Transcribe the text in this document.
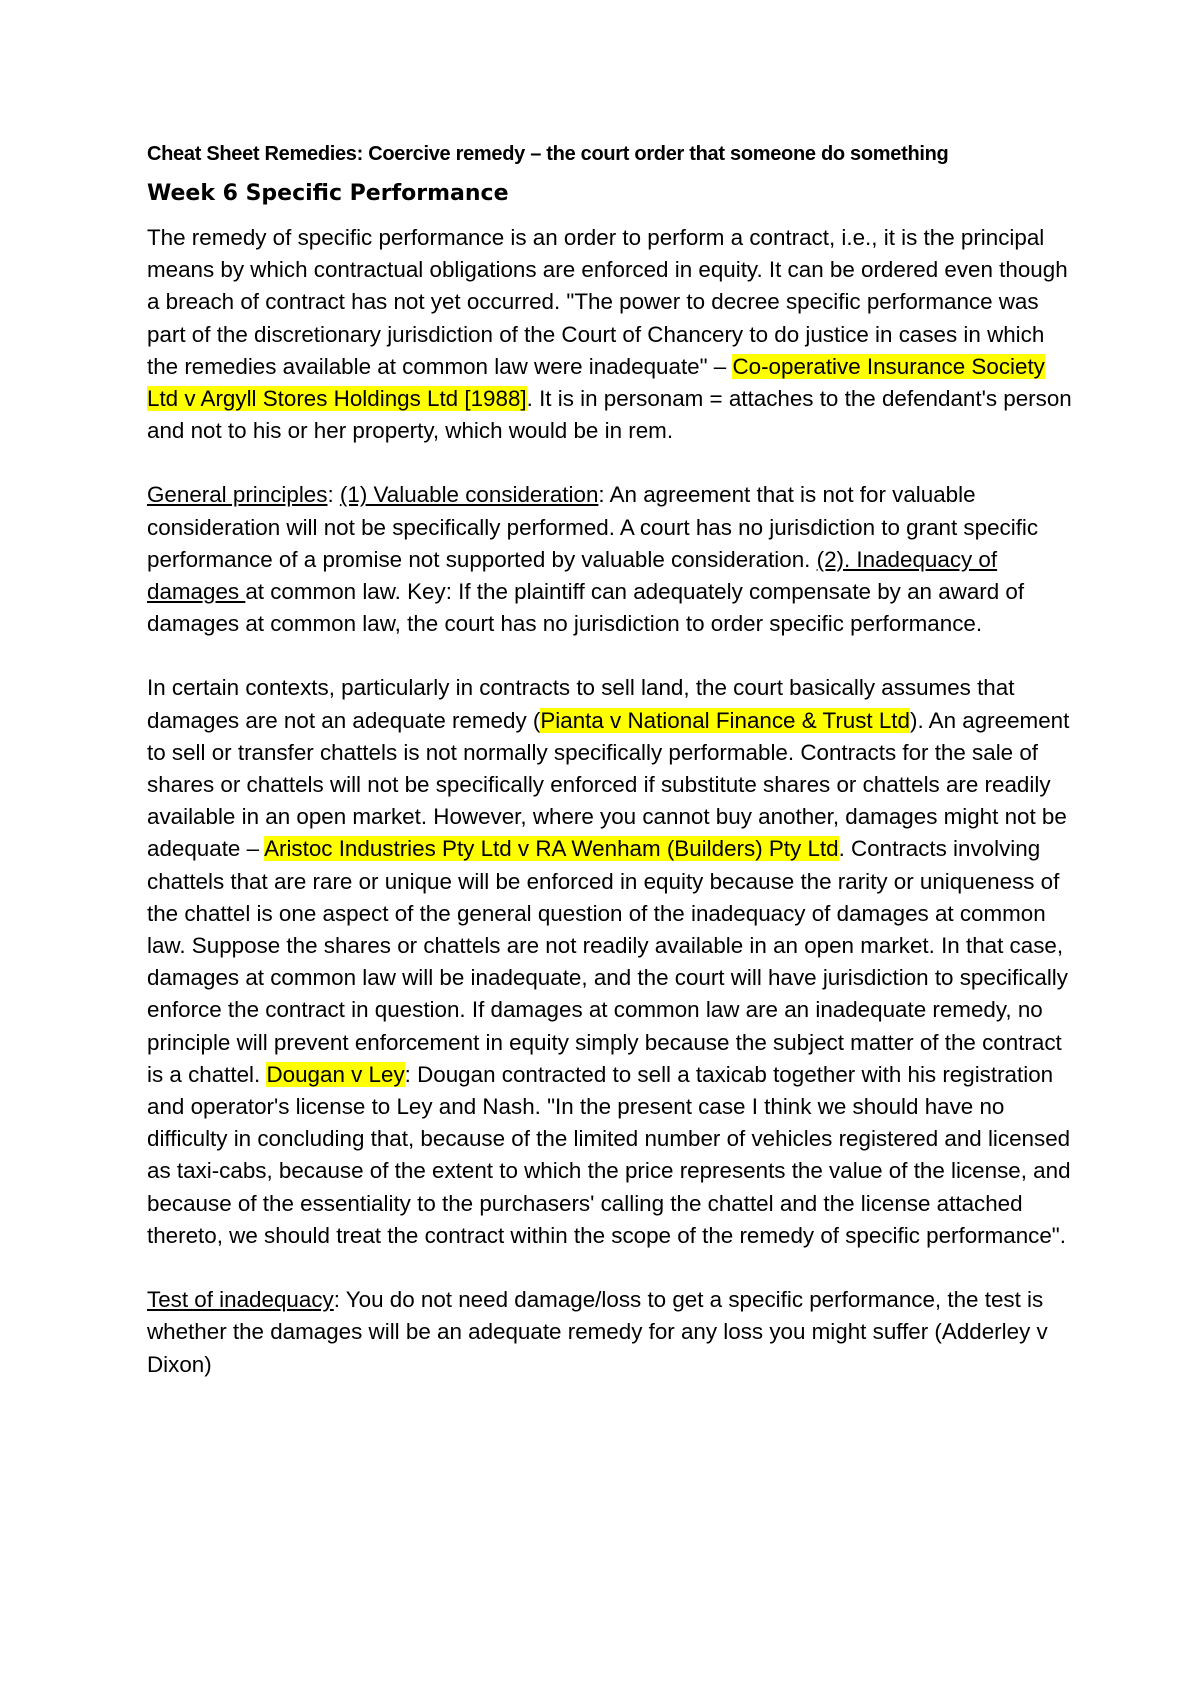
Cheat Sheet Remedies: Coercive remedy – the court order that someone do something
Week 6 Specific Performance

The remedy of specific performance is an order to perform a contract, i.e., it is the principal means by which contractual obligations are enforced in equity. It can be ordered even though a breach of contract has not yet occurred. "The power to decree specific performance was part of the discretionary jurisdiction of the Court of Chancery to do justice in cases in which the remedies available at common law were inadequate" – Co-operative Insurance Society Ltd v Argyll Stores Holdings Ltd [1988]. It is in personam = attaches to the defendant's person and not to his or her property, which would be in rem.

General principles: (1) Valuable consideration: An agreement that is not for valuable consideration will not be specifically performed. A court has no jurisdiction to grant specific performance of a promise not supported by valuable consideration. (2). Inadequacy of damages at common law. Key: If the plaintiff can adequately compensate by an award of damages at common law, the court has no jurisdiction to order specific performance.

In certain contexts, particularly in contracts to sell land, the court basically assumes that damages are not an adequate remedy (Pianta v National Finance & Trust Ltd). An agreement to sell or transfer chattels is not normally specifically performable. Contracts for the sale of shares or chattels will not be specifically enforced if substitute shares or chattels are readily available in an open market. However, where you cannot buy another, damages might not be adequate – Aristoc Industries Pty Ltd v RA Wenham (Builders) Pty Ltd. Contracts involving chattels that are rare or unique will be enforced in equity because the rarity or uniqueness of the chattel is one aspect of the general question of the inadequacy of damages at common law. Suppose the shares or chattels are not readily available in an open market. In that case, damages at common law will be inadequate, and the court will have jurisdiction to specifically enforce the contract in question. If damages at common law are an inadequate remedy, no principle will prevent enforcement in equity simply because the subject matter of the contract is a chattel. Dougan v Ley: Dougan contracted to sell a taxicab together with his registration and operator's license to Ley and Nash. "In the present case I think we should have no difficulty in concluding that, because of the limited number of vehicles registered and licensed as taxi-cabs, because of the extent to which the price represents the value of the license, and because of the essentiality to the purchasers' calling the chattel and the license attached thereto, we should treat the contract within the scope of the remedy of specific performance".

Test of inadequacy: You do not need damage/loss to get a specific performance, the test is whether the damages will be an adequate remedy for any loss you might suffer (Adderley v Dixon)
